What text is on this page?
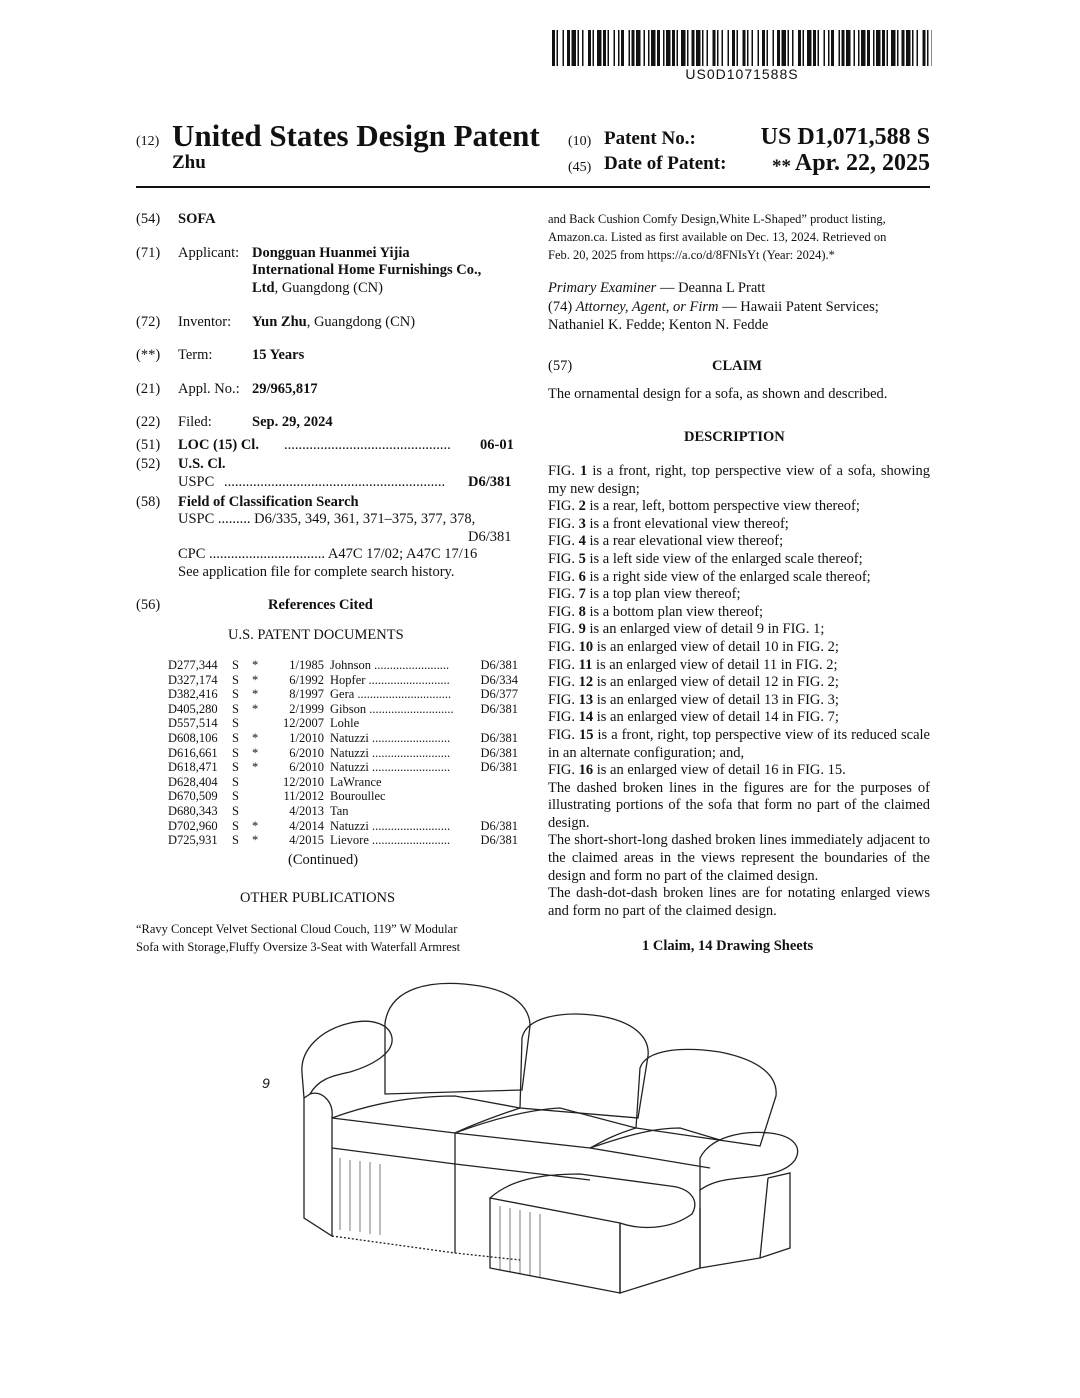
US0D1071588S
(12) United States Design Patent
Zhu
(10) Patent No.:	US D1,071,588 S
(45) Date of Patent: ** Apr. 22, 2025
(54) SOFA
(71) Applicant: Dongguan Huanmei Yijia
International Home Furnishings Co.,
Ltd, Guangdong (CN)
(72) Inventor: Yun Zhu, Guangdong (CN)
(**) Term:	15 Years
(21) Appl. No.: 29/965,817
(22) Filed:	Sep. 29, 2024
(51) LOC (15) Cl. ..............................................	06-01
(52) U.S. Cl.
USPC .............................................................	D6/381
(58) Field of Classification Search
USPC ......... D6/335, 349, 361, 371–375, 377, 378,
D6/381
CPC ................................ A47C 17/02; A47C 17/16
See application file for complete search history.
(56)	References Cited
U.S. PATENT DOCUMENTS
D277,344	S	*	1/1985 Johnson ........................	D6/381
D327,174	S	*	6/1992 Hopfer ..........................	D6/334
D382,416	S	*	8/1997 Gera ..............................	D6/377
D405,280	S	*	2/1999 Gibson ...........................	D6/381
D557,514	S	12/2007 Lohle
D608,106	S	*	1/2010 Natuzzi .........................	D6/381
D616,661	S	*	6/2010 Natuzzi .........................	D6/381
D618,471	S	*	6/2010 Natuzzi .........................	D6/381
D628,404	S	12/2010 LaWrance
D670,509	S	11/2012 Bouroullec
D680,343	S	4/2013 Tan
D702,960	S	*	4/2014 Natuzzi .........................	D6/381
D725,931	S	*	4/2015 Lievore .........................	D6/381
(Continued)
OTHER PUBLICATIONS
“Ravy Concept Velvet Sectional Cloud Couch, 119” W Modular
Sofa with Storage,Fluffy Oversize 3-Seat with Waterfall Armrest
and Back Cushion Comfy Design,White L-Shaped” product listing,
Amazon.ca. Listed as first available on Dec. 13, 2024. Retrieved on
Feb. 20, 2025 from https://a.co/d/8FNIsYt (Year: 2024).*
Primary Examiner — Deanna L Pratt
(74) Attorney, Agent, or Firm — Hawaii Patent Services;
Nathaniel K. Fedde; Kenton N. Fedde
(57)	CLAIM
The ornamental design for a sofa, as shown and described.
DESCRIPTION

FIG. 1 is a front, right, top perspective view of a sofa, showing my new design;

FIG. 2 is a rear, left, bottom perspective view thereof;

FIG. 3 is a front elevational view thereof;

FIG. 4 is a rear elevational view thereof;

FIG. 5 is a left side view of the enlarged scale thereof;

FIG. 6 is a right side view of the enlarged scale thereof;

FIG. 7 is a top plan view thereof;

FIG. 8 is a bottom plan view thereof;

FIG. 9 is an enlarged view of detail 9 in FIG. 1;

FIG. 10 is an enlarged view of detail 10 in FIG. 2;

FIG. 11 is an enlarged view of detail 11 in FIG. 2;

FIG. 12 is an enlarged view of detail 12 in FIG. 2;

FIG. 13 is an enlarged view of detail 13 in FIG. 3;

FIG. 14 is an enlarged view of detail 14 in FIG. 7;

FIG. 15 is a front, right, top perspective view of its reduced scale in an alternate configuration; and,

FIG. 16 is an enlarged view of detail 16 in FIG. 15.

The dashed broken lines in the figures are for the purposes of illustrating portions of the sofa that form no part of the claimed design.

The short-short-long dashed broken lines immediately adjacent to the claimed areas in the views represent the boundaries of the design and form no part of the claimed design.

The dash-dot-dash broken lines are for notating enlarged views and form no part of the claimed design.

1 Claim, 14 Drawing Sheets
9
